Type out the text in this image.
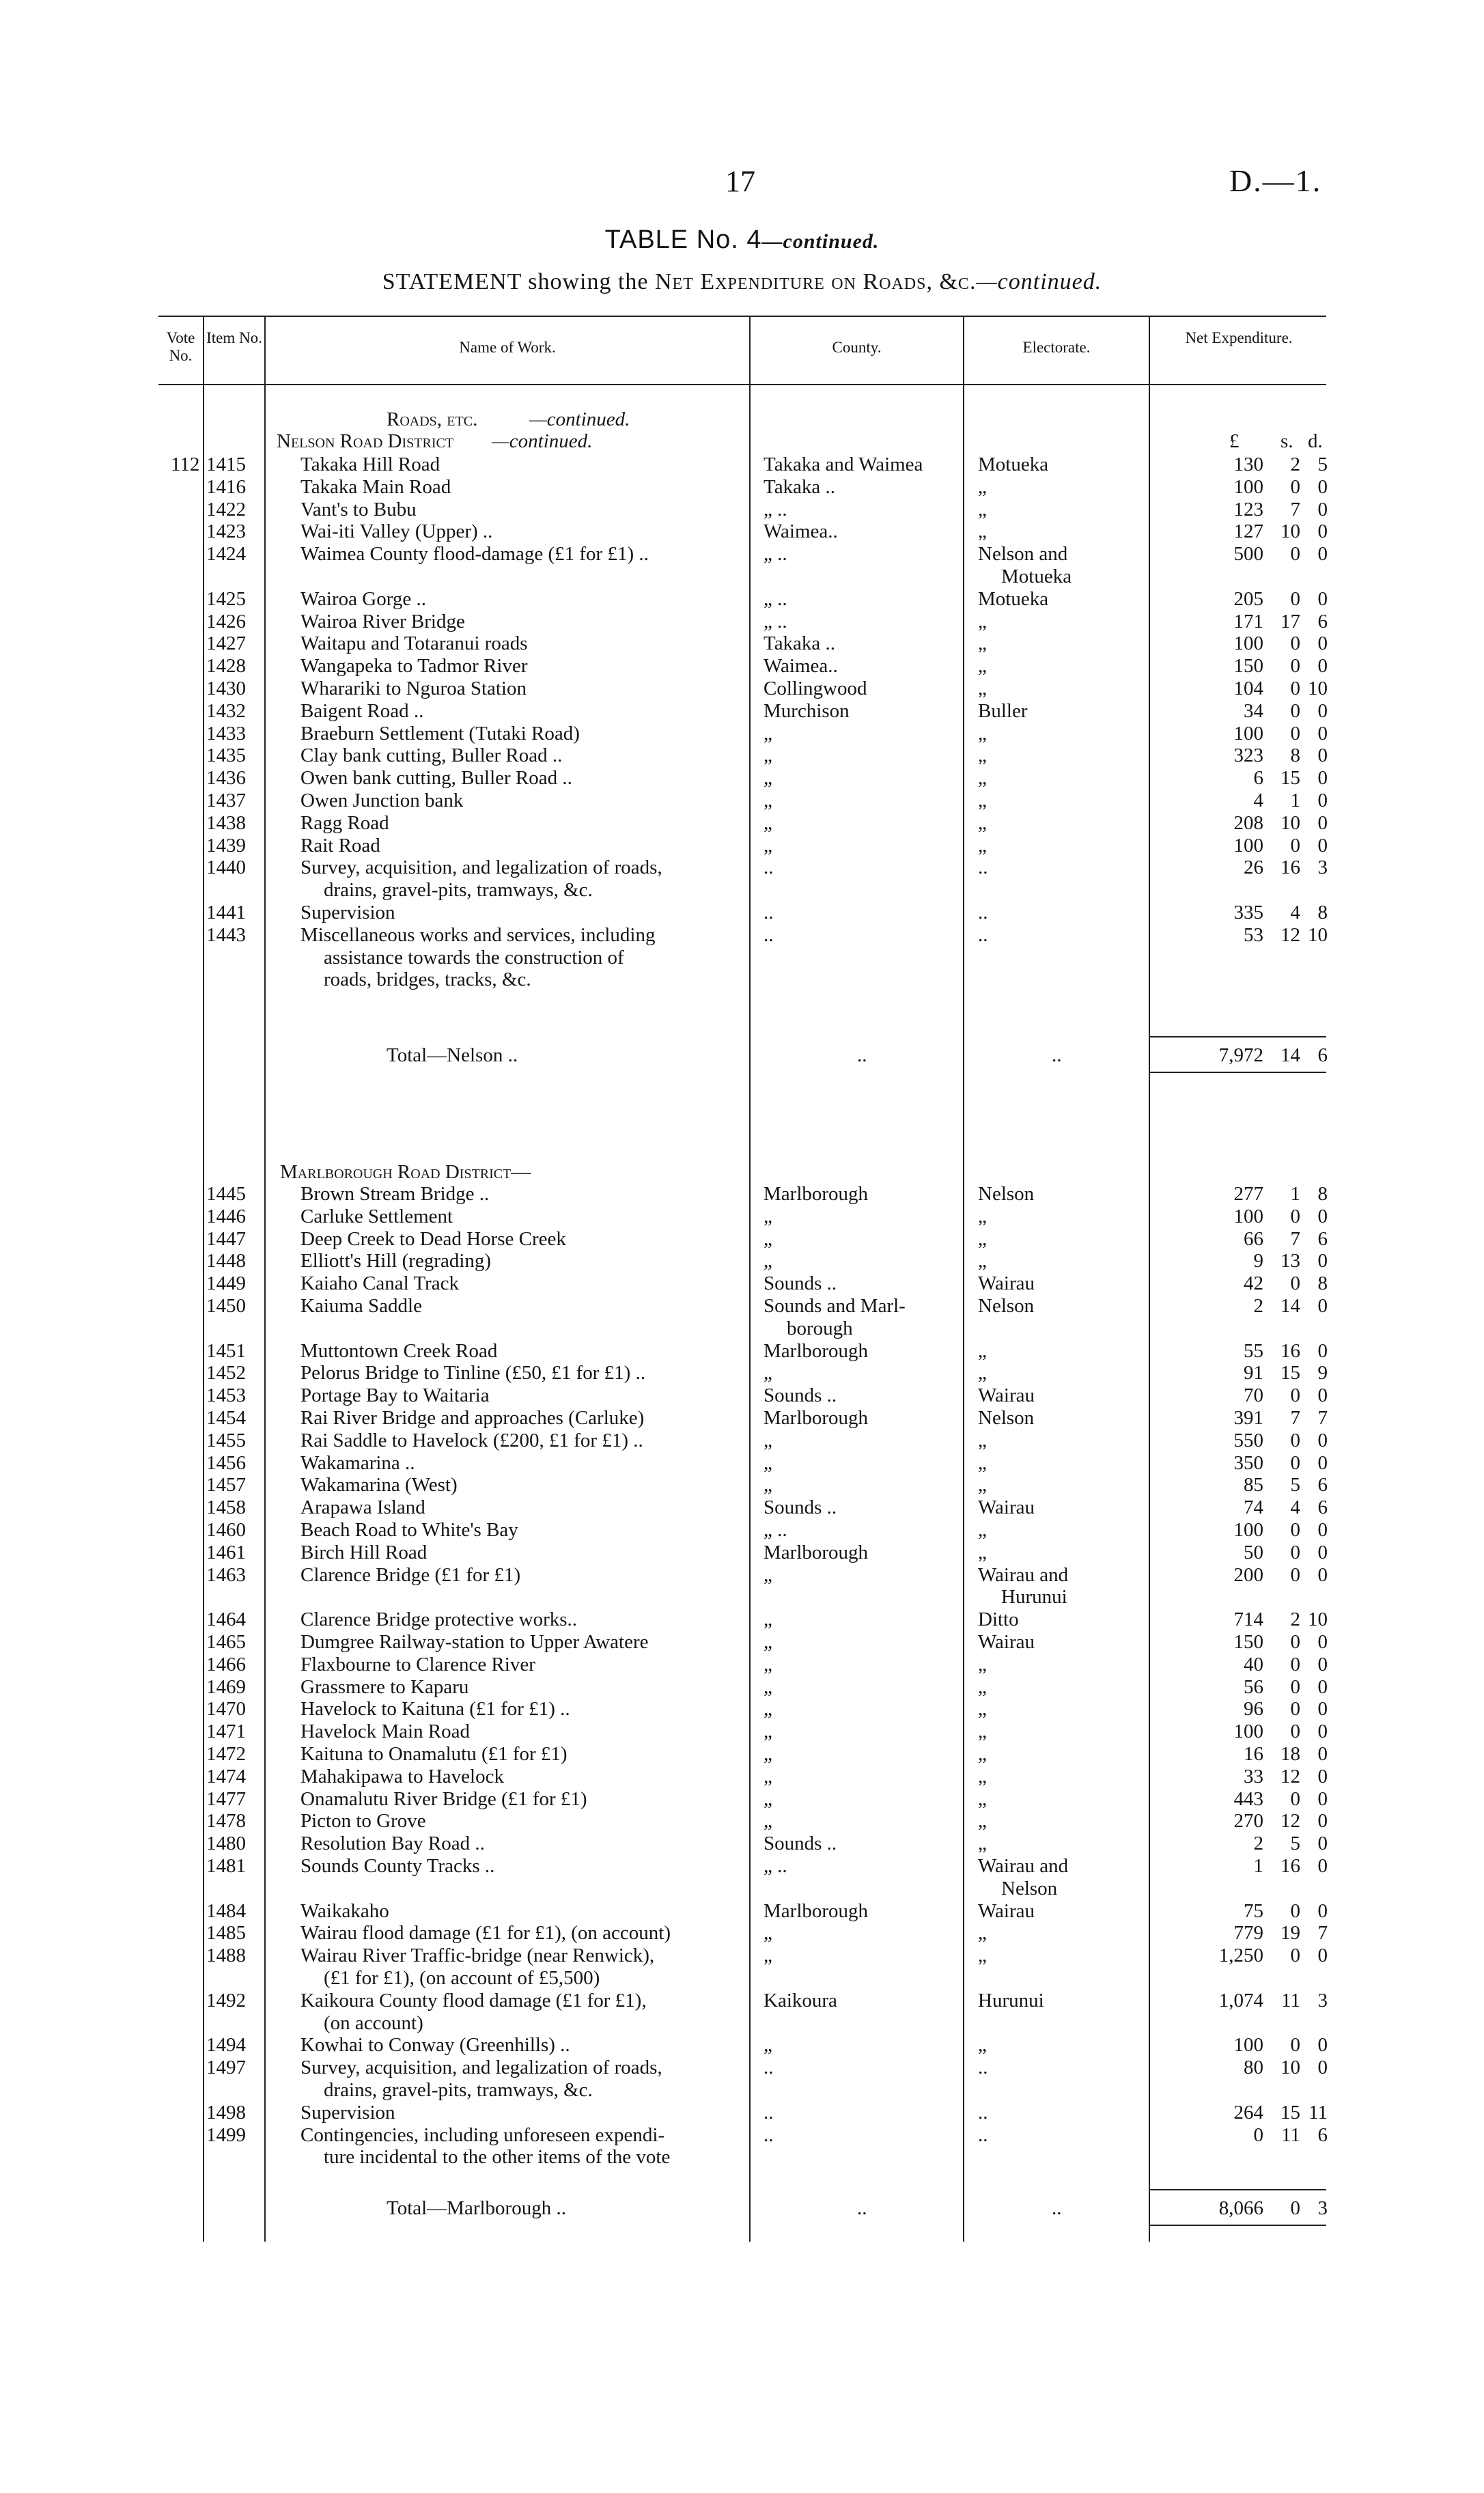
17	D.—1.
TABLE No. 4—continued.
STATEMENT showing the Net Expenditure on Roads, &c.—continued.
Vote No.
Item No.
Name of Work.	County.	Electorate.
Net Expenditure.
Roads, etc.	—continued.
Nelson Road District —continued.	£ s. d.
112 1415	Takaka Hill Road	Takaka and Waimea	Motueka	130	2 5
1416	Takaka Main Road	Takaka ..	„	100	0 0
1422	Vant's to Bubu	„ ..	„	123	7 0
1423	Wai-iti Valley (Upper) ..	Waimea..	„	127 10 0
1424	Waimea County flood-damage (£1 for £1) ..	„ ..	Nelson and	500	0 0
Motueka
1425	Wairoa Gorge ..	„ ..	Motueka	205	0 0
1426	Wairoa River Bridge	„ ..	„	171 17 6
1427	Waitapu and Totaranui roads	Takaka ..	„	100	0 0
1428	Wangapeka to Tadmor River	Waimea..	„	150	0 0
1430	Wharariki to Nguroa Station	Collingwood	„	104	0 10
1432	Baigent Road ..	Murchison	Buller	34	0 0
1433	Braeburn Settlement (Tutaki Road)	„	„	100	0 0
1435	Clay bank cutting, Buller Road ..	„	„	323	8 0
1436	Owen bank cutting, Buller Road ..	„	„	6 15 0
1437	Owen Junction bank	„	„	4	1 0
1438	Ragg Road	„	„	208 10 0
1439	Rait Road	„	„	100	0 0
1440	Survey, acquisition, and legalization of roads,	..	..	26 16 3
drains, gravel-pits, tramways, &c.
1441	Supervision	..	..	335	4 8
1443	Miscellaneous works and services, including	..	..	53 12 10
assistance towards the construction of
roads, bridges, tracks, &c.
Total—Nelson ..	..	..	7,972 14 6
Marlborough Road District—
1445	Brown Stream Bridge ..	Marlborough	Nelson	277	1 8
1446	Carluke Settlement	„	„	100	0 0
1447	Deep Creek to Dead Horse Creek	„	„	66	7 6
1448	Elliott's Hill (regrading)	„	„	9 13 0
1449	Kaiaho Canal Track	Sounds ..	Wairau	42	0 8
1450	Kaiuma Saddle	Sounds and Marl-	Nelson	2 14 0
borough
1451	Muttontown Creek Road	Marlborough	„	55 16 0
1452	Pelorus Bridge to Tinline (£50, £1 for £1) ..	„	„	91 15 9
1453	Portage Bay to Waitaria	Sounds ..	Wairau	70	0 0
1454	Rai River Bridge and approaches (Carluke)	Marlborough	Nelson	391	7 7
1455	Rai Saddle to Havelock (£200, £1 for £1) ..	„	„	550	0 0
1456	Wakamarina ..	„	„	350	0 0
1457	Wakamarina (West)	„	„	85	5 6
1458	Arapawa Island	Sounds ..	Wairau	74	4 6
1460	Beach Road to White's Bay	„ ..	„	100	0 0
1461	Birch Hill Road	Marlborough	„	50	0 0
1463	Clarence Bridge (£1 for £1)	„	Wairau and	200	0 0
Hurunui
1464	Clarence Bridge protective works..	„	Ditto	714	2 10
1465	Dumgree Railway-station to Upper Awatere	„	Wairau	150	0 0
1466	Flaxbourne to Clarence River	„	„	40	0 0
1469	Grassmere to Kaparu	„	„	56	0 0
1470	Havelock to Kaituna (£1 for £1) ..	„	„	96	0 0
1471	Havelock Main Road	„	„	100	0 0
1472	Kaituna to Onamalutu (£1 for £1)	„	„	16 18 0
1474	Mahakipawa to Havelock	„	„	33 12 0
1477	Onamalutu River Bridge (£1 for £1)	„	„	443	0 0
1478	Picton to Grove	„	„	270 12 0
1480	Resolution Bay Road ..	Sounds ..	„	2	5 0
1481	Sounds County Tracks ..	„ ..	Wairau and	1 16 0
Nelson
1484	Waikakaho	Marlborough	Wairau	75	0 0
1485	Wairau flood damage (£1 for £1), (on account)	„	„	779 19 7
1488	Wairau River Traffic-bridge (near Renwick),	„	„	1,250	0 0
(£1 for £1), (on account of £5,500)
1492	Kaikoura County flood damage (£1 for £1),	Kaikoura	Hurunui	1,074 11 3
(on account)
1494	Kowhai to Conway (Greenhills) ..	„	„	100	0 0
1497	Survey, acquisition, and legalization of roads,	..	..	80 10 0
drains, gravel-pits, tramways, &c.
1498	Supervision	..	..	264 15 11
1499	Contingencies, including unforeseen expendi-	..	..	0 11 6
ture incidental to the other items of the vote
Total—Marlborough ..	..	..	8,066	0 3
